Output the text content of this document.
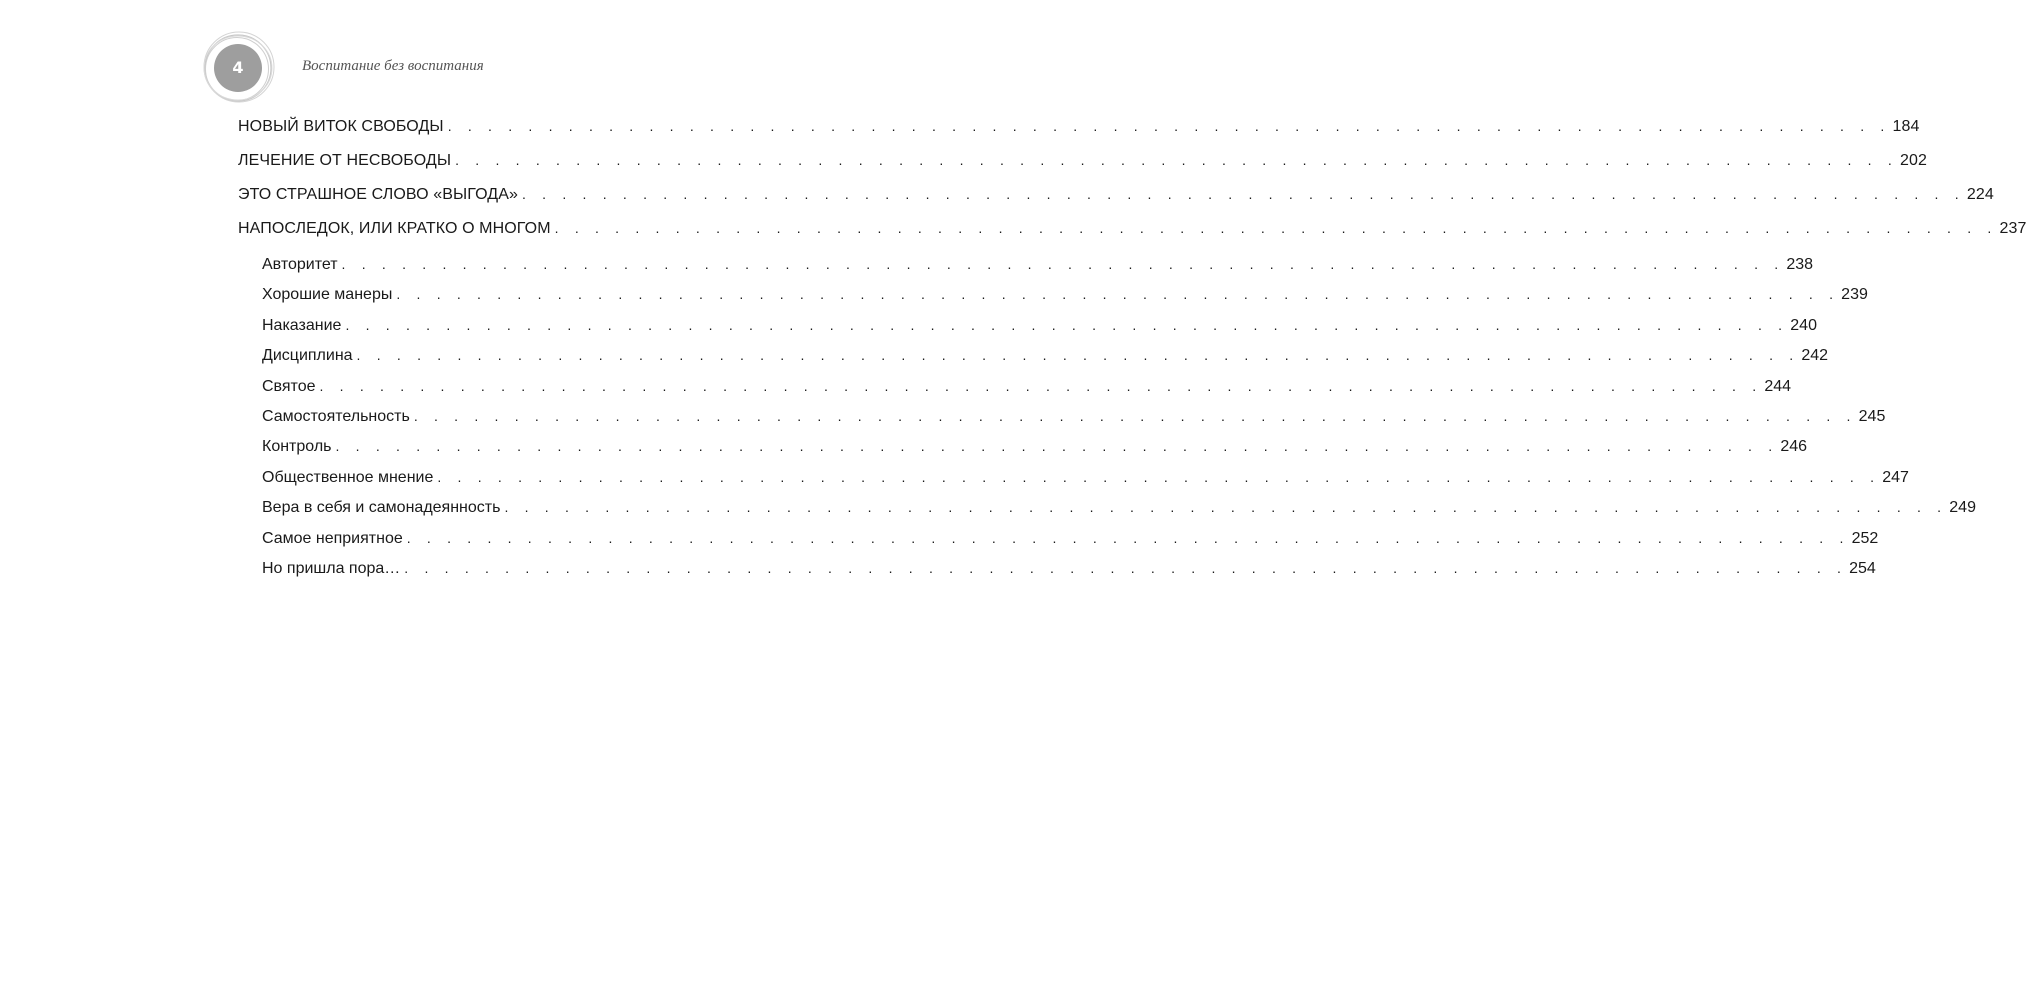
4	Воспитание без воспитания
НОВЫЙ ВИТОК СВОБОДЫ . . . . . . . . . . . . . . . . . . . . . . . . . . . . . . . . . . . . . . . . . . . . . . . . . . . . . . . . . . . . . . . . . . . . . . . . 184
ЛЕЧЕНИЕ ОТ НЕСВОБОДЫ . . . . . . . . . . . . . . . . . . . . . . . . . . . . . . . . . . . . . . . . . . . . . . . . . . . . . . . . . . . . . . . . . . . . . . . . 202
ЭТО СТРАШНОЕ СЛОВО «ВЫГОДА» . . . . . . . . . . . . . . . . . . . . . . . . . . . . . . . . . . . . . . . . . . . . . . . . . . . . . . . . . . . . . . . . . . . . . . . . 224
НАПОСЛЕДОК, ИЛИ КРАТКО О МНОГОМ . . . . . . . . . . . . . . . . . . . . . . . . . . . . . . . . . . . . . . . . . . . . . . . . . . . . . . . . . . . . . . . . . . . . . . . . 237
Авторитет . . . . . . . . . . . . . . . . . . . . . . . . . . . . . . . . . . . . . . . . . . . . . . . . . . . . . . . . . . . . . . . . . . . . . . . . 238
Хорошие манеры . . . . . . . . . . . . . . . . . . . . . . . . . . . . . . . . . . . . . . . . . . . . . . . . . . . . . . . . . . . . . . . . . . . . . . . . 239
Наказание . . . . . . . . . . . . . . . . . . . . . . . . . . . . . . . . . . . . . . . . . . . . . . . . . . . . . . . . . . . . . . . . . . . . . . . . 240
Дисциплина . . . . . . . . . . . . . . . . . . . . . . . . . . . . . . . . . . . . . . . . . . . . . . . . . . . . . . . . . . . . . . . . . . . . . . . . 242
Святое . . . . . . . . . . . . . . . . . . . . . . . . . . . . . . . . . . . . . . . . . . . . . . . . . . . . . . . . . . . . . . . . . . . . . . . . 244
Самостоятельность . . . . . . . . . . . . . . . . . . . . . . . . . . . . . . . . . . . . . . . . . . . . . . . . . . . . . . . . . . . . . . . . . . . . . . . . 245
Контроль . . . . . . . . . . . . . . . . . . . . . . . . . . . . . . . . . . . . . . . . . . . . . . . . . . . . . . . . . . . . . . . . . . . . . . . . 246
Общественное мнение . . . . . . . . . . . . . . . . . . . . . . . . . . . . . . . . . . . . . . . . . . . . . . . . . . . . . . . . . . . . . . . . . . . . . . . . 247
Вера в себя и самонадеянность . . . . . . . . . . . . . . . . . . . . . . . . . . . . . . . . . . . . . . . . . . . . . . . . . . . . . . . . . . . . . . . . . . . . . . . . 249
Самое неприятное . . . . . . . . . . . . . . . . . . . . . . . . . . . . . . . . . . . . . . . . . . . . . . . . . . . . . . . . . . . . . . . . . . . . . . . . 252
Но пришла пора… . . . . . . . . . . . . . . . . . . . . . . . . . . . . . . . . . . . . . . . . . . . . . . . . . . . . . . . . . . . . . . . . . . . . . . . . 254
